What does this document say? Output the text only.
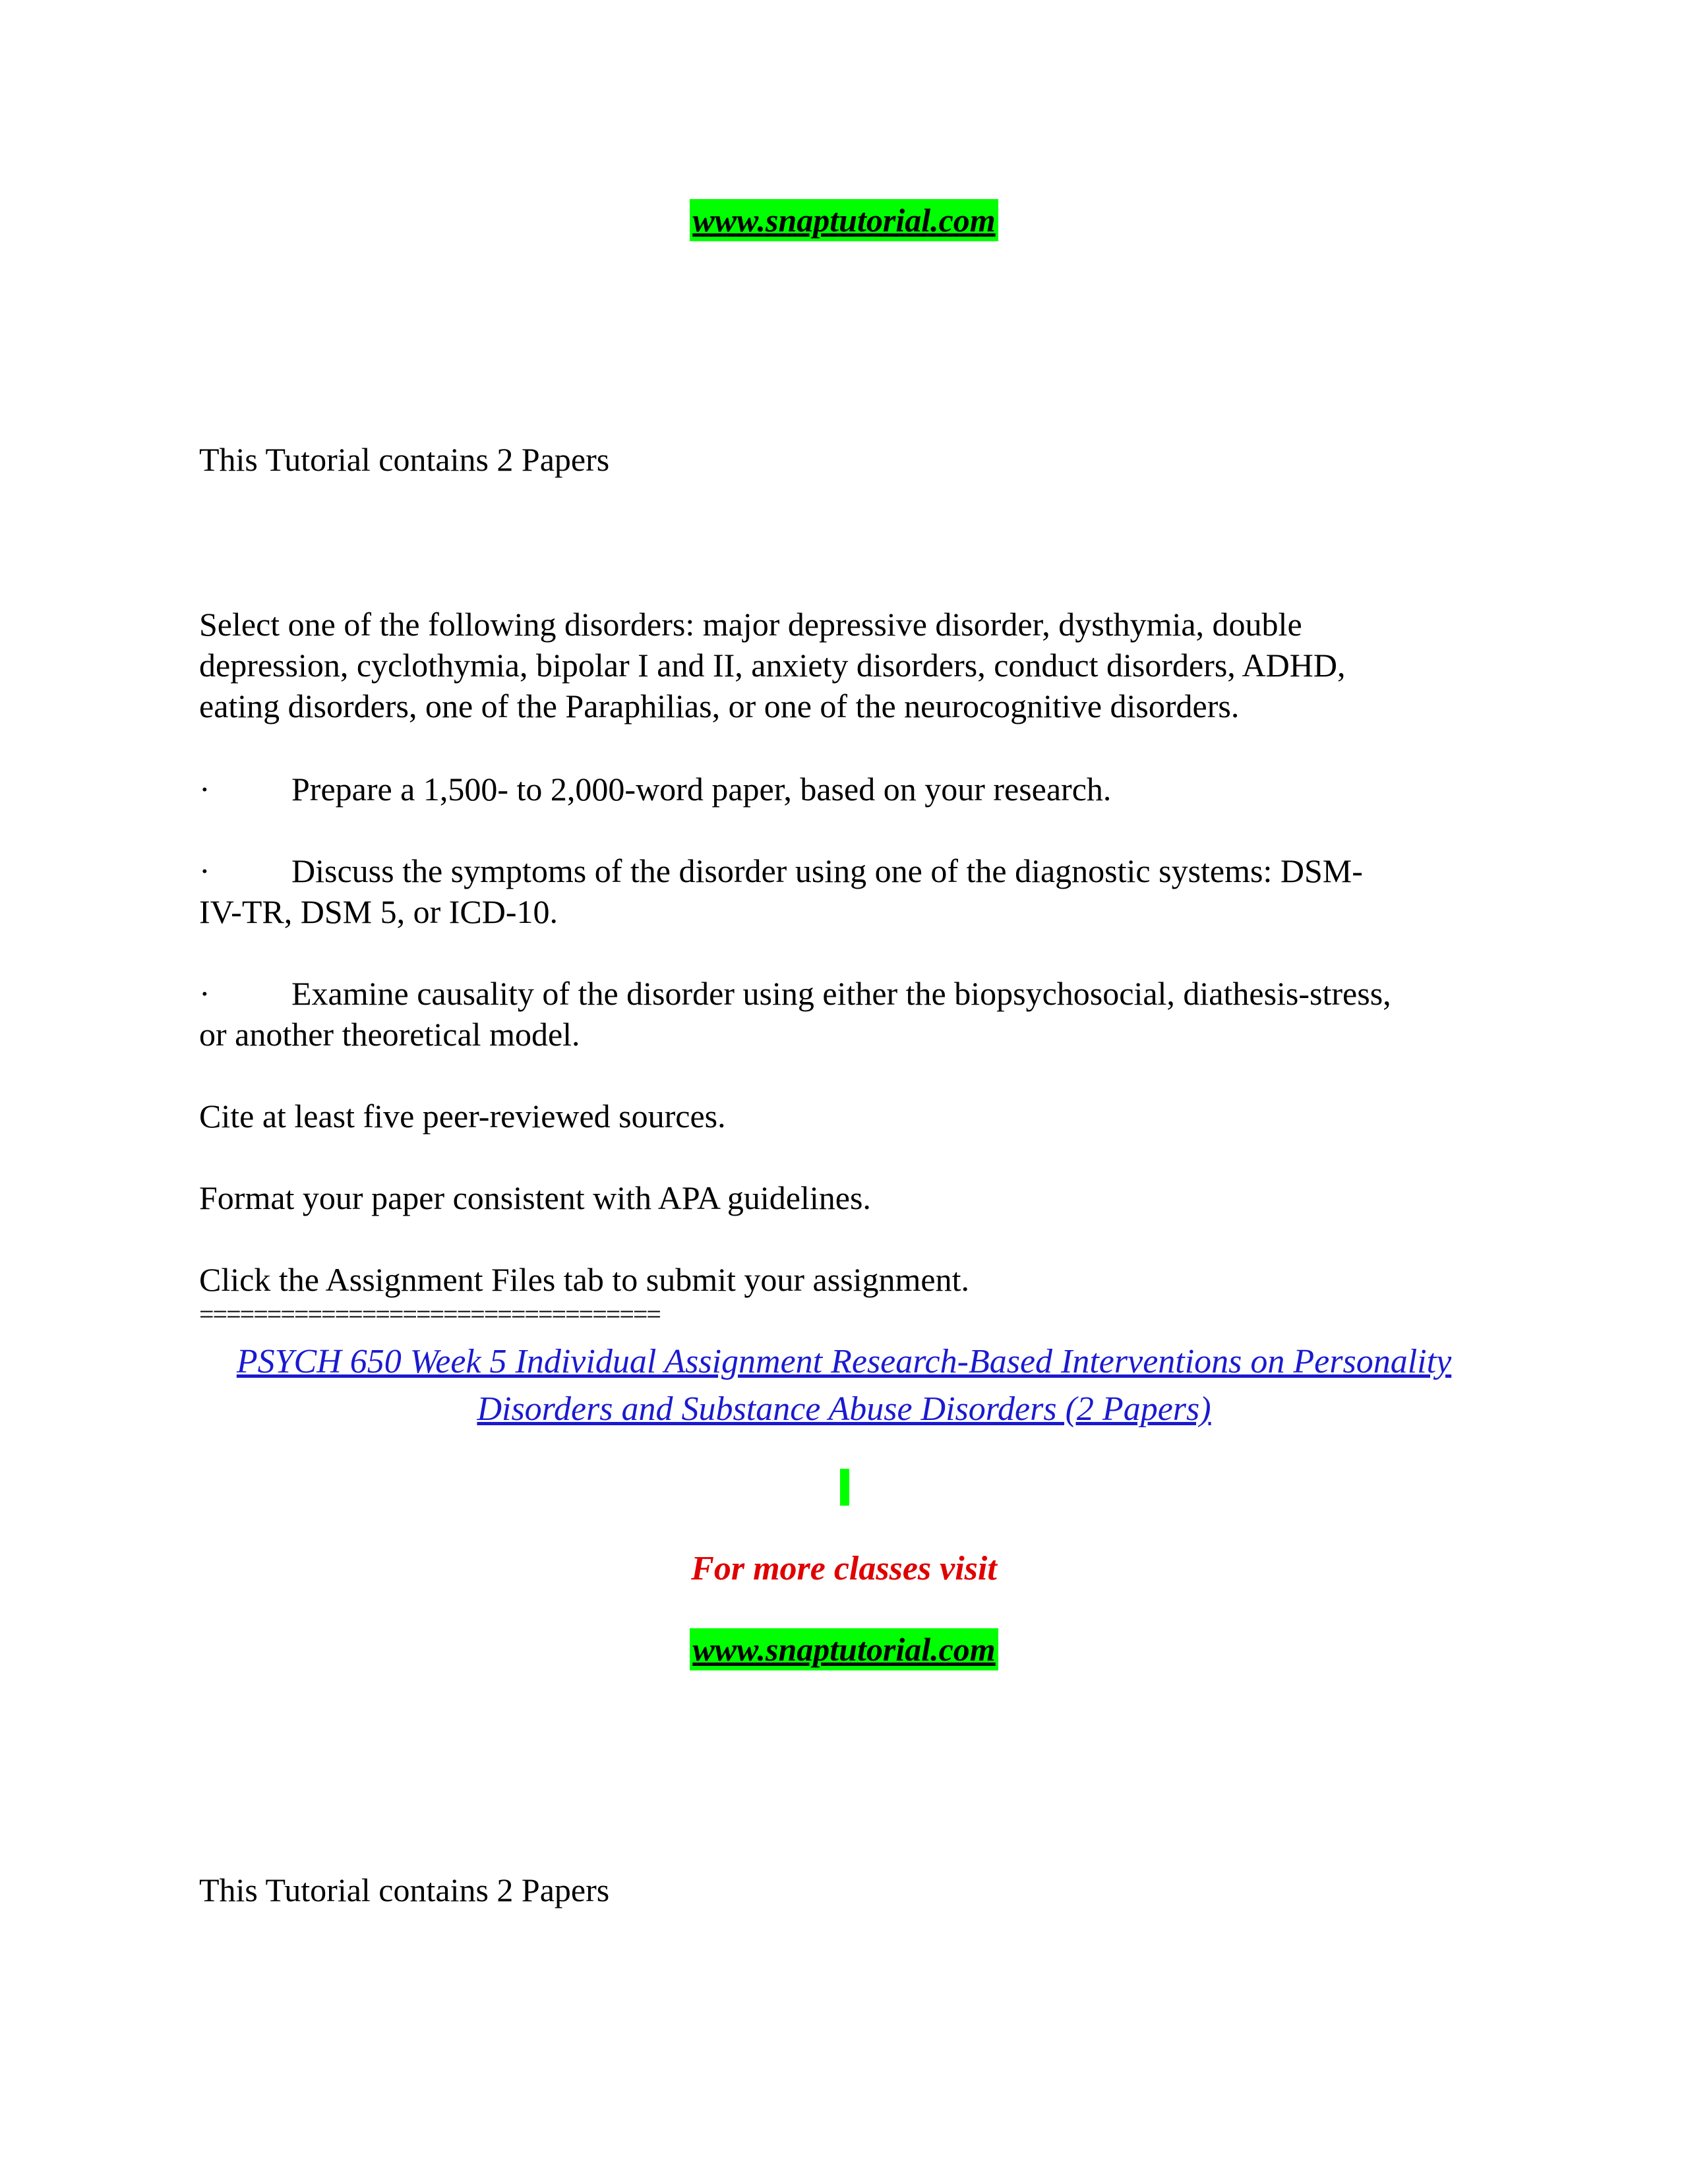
www.snaptutorial.com
This Tutorial contains 2 Papers
Select one of the following disorders: major depressive disorder, dysthymia, double
depression, cyclothymia, bipolar I and II, anxiety disorders, conduct disorders, ADHD,
eating disorders, one of the Paraphilias, or one of the neurocognitive disorders.
· Prepare a 1,500- to 2,000-word paper, based on your research.
· Discuss the symptoms of the disorder using one of the diagnostic systems: DSM-
IV-TR, DSM 5, or ICD-10.
· Examine causality of the disorder using either the biopsychosocial, diathesis-stress,
or another theoretical model.
Cite at least five peer-reviewed sources.
Format your paper consistent with APA guidelines.
Click the Assignment Files tab to submit your assignment.
==================================
PSYCH 650 Week 5 Individual Assignment Research-Based Interventions on Personality
Disorders and Substance Abuse Disorders (2 Papers)
For more classes visit
www.snaptutorial.com
This Tutorial contains 2 Papers
